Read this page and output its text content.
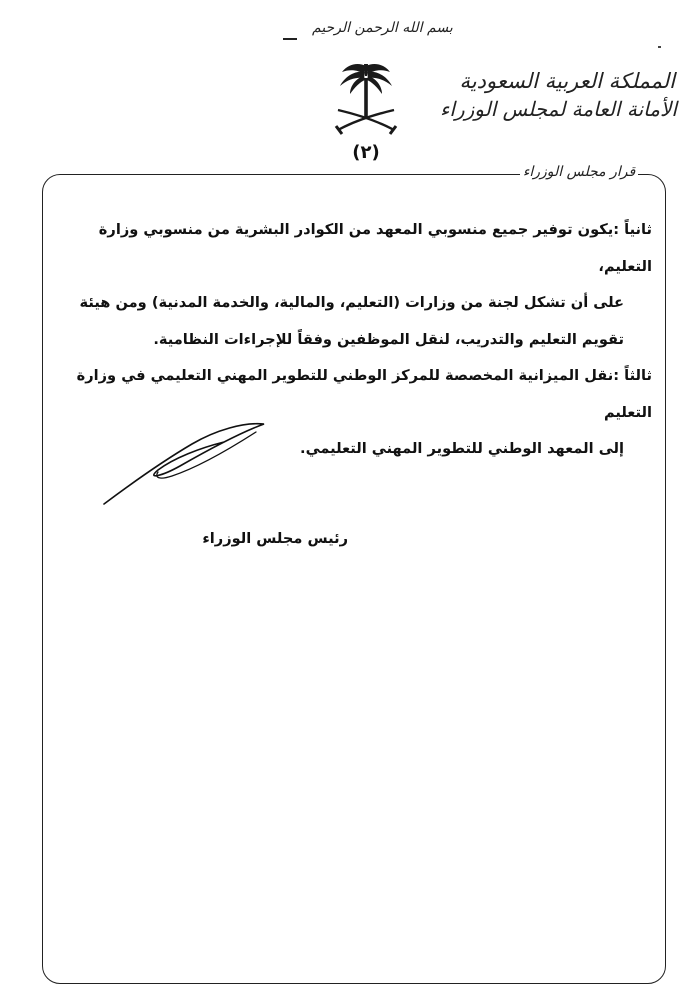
بسم الله الرحمن الرحيم
(٢)
المملكة العربية السعودية
الأمانة العامة لمجلس الوزراء
قرار مجلس الوزراء

ثانياً :يكون توفير جميع منسوبي المعهد من الكوادر البشرية من منسوبي وزارة التعليم،

على أن تشكل لجنة من وزارات (التعليم، والمالية، والخدمة المدنية) ومن هيئة

تقويم التعليم والتدريب، لنقل الموظفين وفقاً للإجراءات النظامية.

ثالثاً :نقل الميزانية المخصصة للمركز الوطني للتطوير المهني التعليمي في وزارة التعليم

إلى المعهد الوطني للتطوير المهني التعليمي.

رئيس مجلس الوزراء
